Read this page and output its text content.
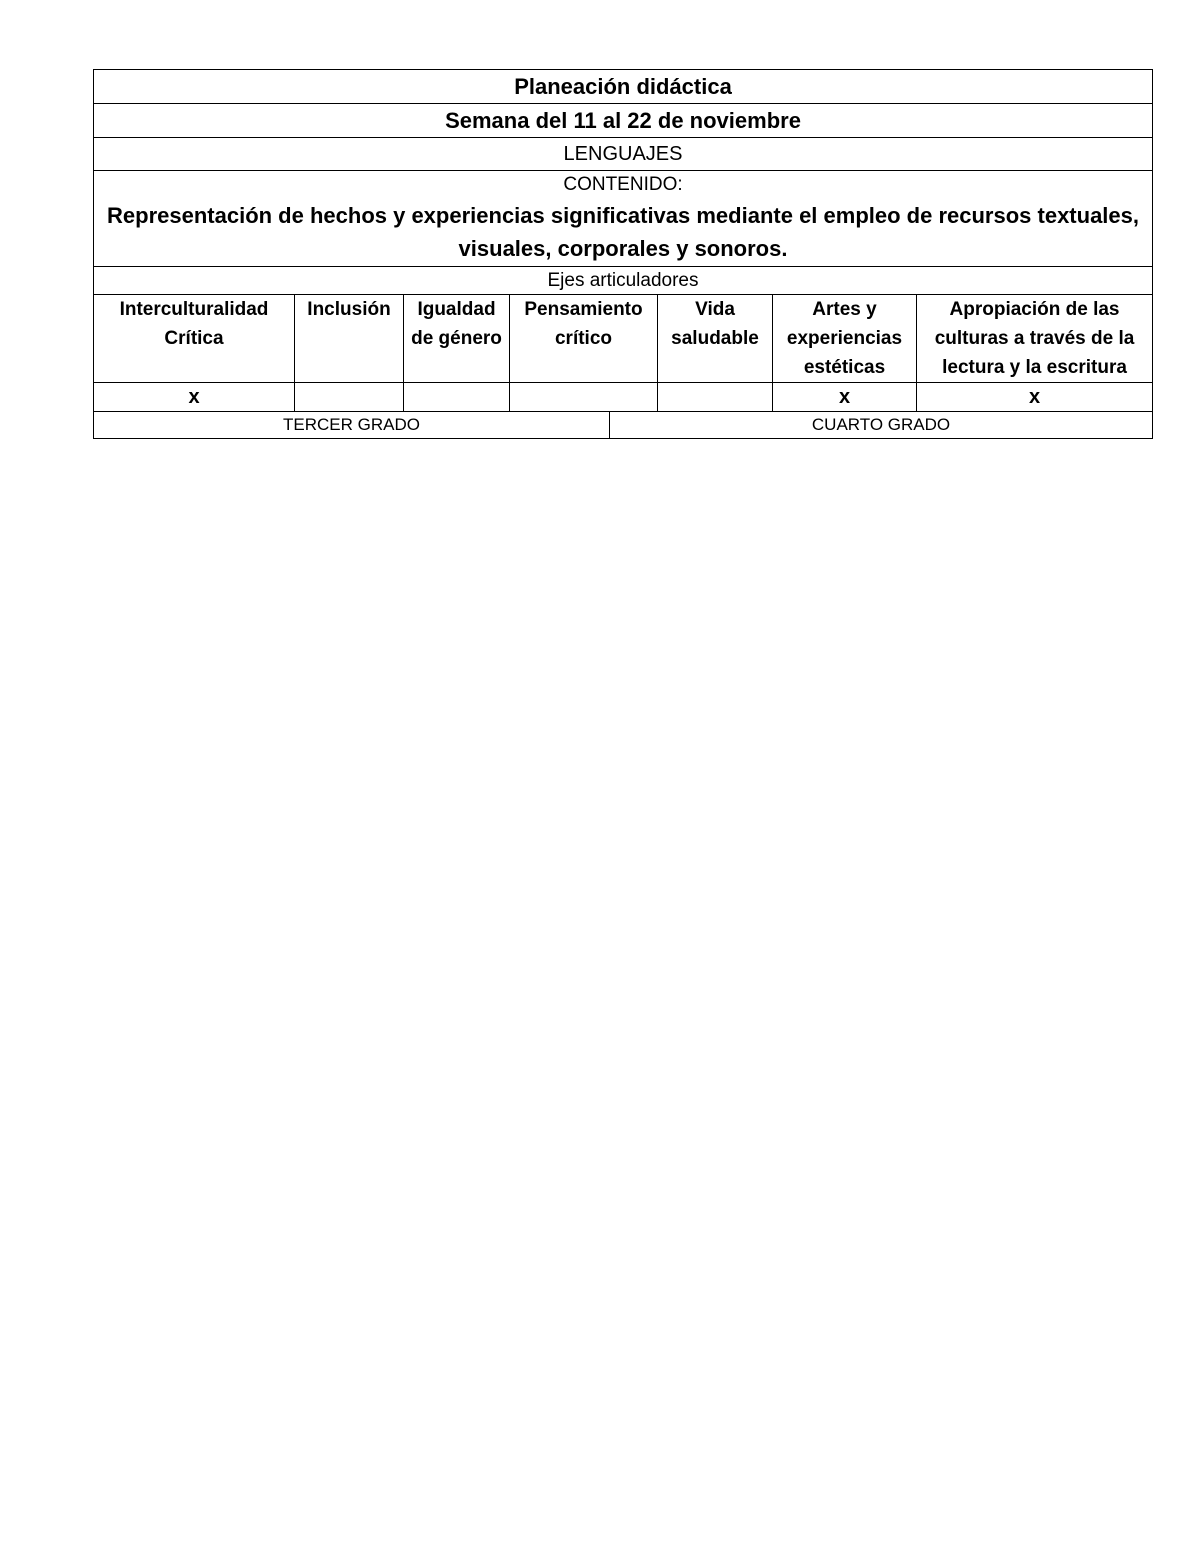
Planeación didáctica							
Semana del 11 al 22 de noviembre							
LENGUAJES							

CONTENIDO:
Representación de hechos y experiencias significativas mediante el empleo de recursos textuales, visuales, corporales y sonoros.							

Ejes articuladores							
Interculturalidad Crítica	Inclusión	Igualdad de género	Pensamiento crítico		Vida saludable	Artes y experiencias estéticas	Apropiación de las culturas a través de la lectura y la escritura
x						x	x
TERCER GRADO				CUARTO GRADO			
